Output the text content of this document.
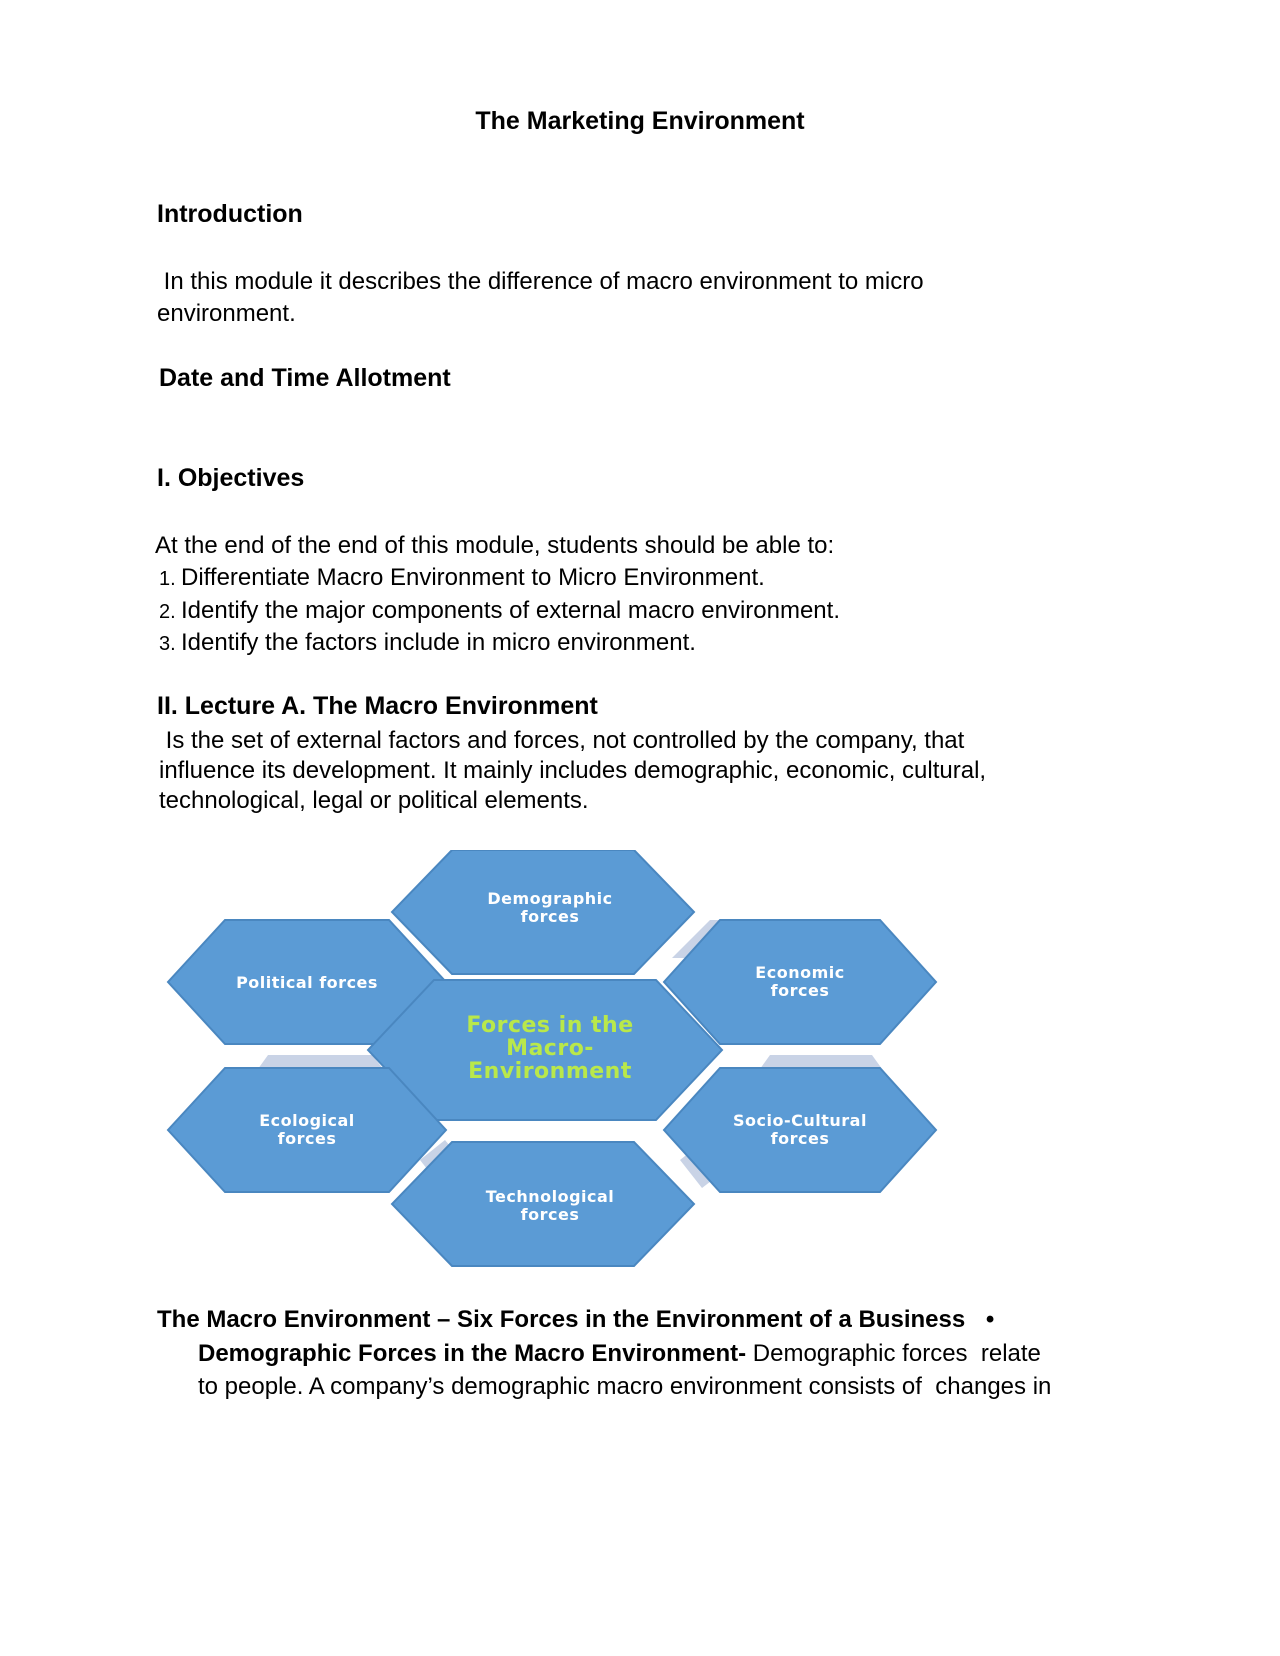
The Marketing Environment
Introduction
In this module it describes the difference of macro environment to micro
environment.
Date and Time Allotment
I. Objectives
At the end of the end of this module, students should be able to:
1. Differentiate Macro Environment to Micro Environment.
2. Identify the major components of external macro environment.
3. Identify the factors include in micro environment.
II. Lecture A. The Macro Environment
Is the set of external factors and forces, not controlled by the company, that
influence its development. It mainly includes demographic, economic, cultural,
technological, legal or political elements.
Demographic
forces
Political forces
Economic
forces
Forces in the
Macro-
Environment
Ecological
forces
Socio-Cultural
forces
Technological
forces
The Macro Environment – Six Forces in the Environment of a Business •
Demographic Forces in the Macro Environment- Demographic forces  relate
to people. A company’s demographic macro environment consists of  changes in
